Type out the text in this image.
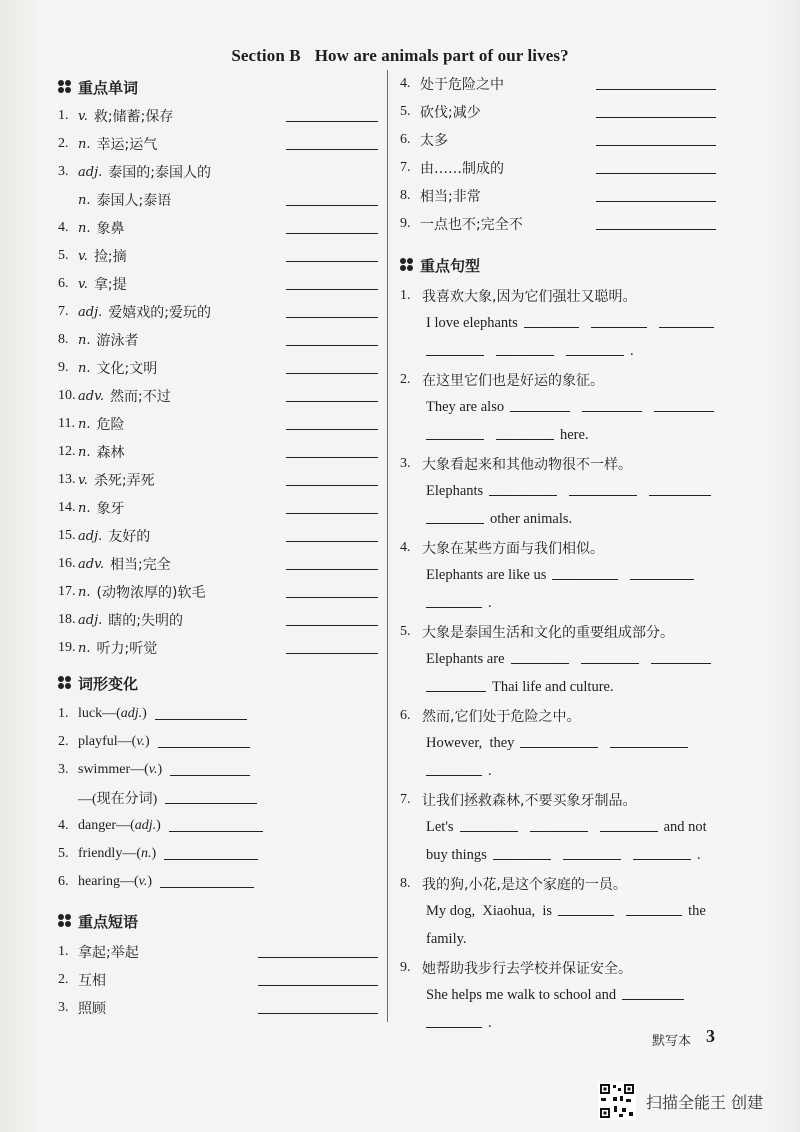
Section B How are animals part of our lives?
重点单词
1. v. 救;储蓄;保存
2. n. 幸运;运气
3. adj. 泰国的;泰国人的
n. 泰国人;泰语
4. n. 象鼻
5. v. 捡;摘
6. v. 拿;提
7. adj. 爱嬉戏的;爱玩的
8. n. 游泳者
9. n. 文化;文明
10. adv. 然而;不过
11. n. 危险
12. n. 森林
13. v. 杀死;弄死
14. n. 象牙
15. adj. 友好的
16. adv. 相当;完全
17. n. (动物浓厚的)软毛
18. adj. 瞎的;失明的
19. n. 听力;听觉
词形变化
1. luck—( adj. )
2. playful—( v. )
3. swimmer—( v. )
—(现在分词)
4. danger—( adj. )
5. friendly—( n. )
6. hearing—( v. )
重点短语
1. 拿起;举起
2. 互相
3. 照顾
4. 处于危险之中
5. 砍伐;减少
6. 太多
7. 由……制成的
8. 相当;非常
9. 一点也不;完全不
重点句型
1. 我喜欢大象,因为它们强壮又聪明。
I love elephants
.
2. 在这里它们也是好运的象征。
They are also
here.
3. 大象看起来和其他动物很不一样。
Elephants
other animals.
4. 大象在某些方面与我们相似。
Elephants are like us
.
5. 大象是泰国生活和文化的重要组成部分。
Elephants are
Thai life and culture.
6. 然而,它们处于危险之中。
However,  they
.
7. 让我们拯救森林,不要买象牙制品。
Let's	and not
buy things	.
8. 我的狗,小花,是这个家庭的一员。
My dog,  Xiaohua,  is	the
family.
9. 她帮助我步行去学校并保证安全。
She helps me walk to school and
.
默写本 3
扫描全能王 创建
